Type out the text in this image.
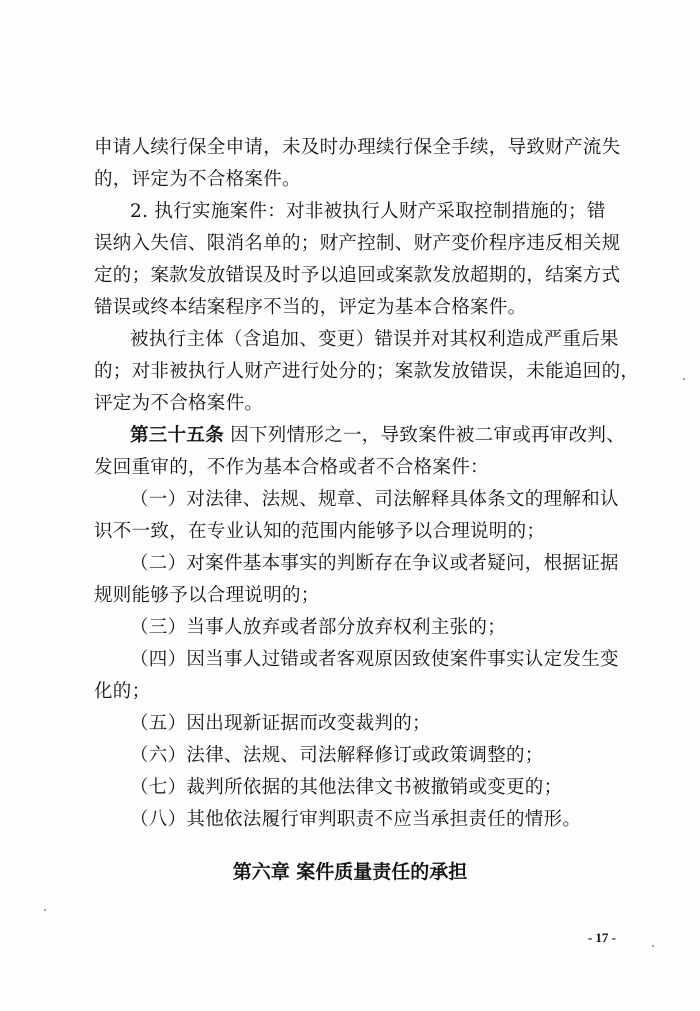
申请人续行保全申请，未及时办理续行保全手续，导致财产流失
的，评定为不合格案件。
2. 执行实施案件：对非被执行人财产采取控制措施的；错
误纳入失信、限消名单的；财产控制、财产变价程序违反相关规
定的；案款发放错误及时予以追回或案款发放超期的，结案方式
错误或终本结案程序不当的，评定为基本合格案件。
被执行主体（含追加、变更）错误并对其权利造成严重后果
的；对非被执行人财产进行处分的；案款发放错误，未能追回的，
评定为不合格案件。
第三十五条 因下列情形之一，导致案件被二审或再审改判、
发回重审的，不作为基本合格或者不合格案件：
（一）对法律、法规、规章、司法解释具体条文的理解和认
识不一致，在专业认知的范围内能够予以合理说明的；
（二）对案件基本事实的判断存在争议或者疑问，根据证据
规则能够予以合理说明的；
（三）当事人放弃或者部分放弃权利主张的；
（四）因当事人过错或者客观原因致使案件事实认定发生变
化的；
（五）因出现新证据而改变裁判的；
（六）法律、法规、司法解释修订或政策调整的；
（七）裁判所依据的其他法律文书被撤销或变更的；
（八）其他依法履行审判职责不应当承担责任的情形。
第六章 案件质量责任的承担
- 17 -
